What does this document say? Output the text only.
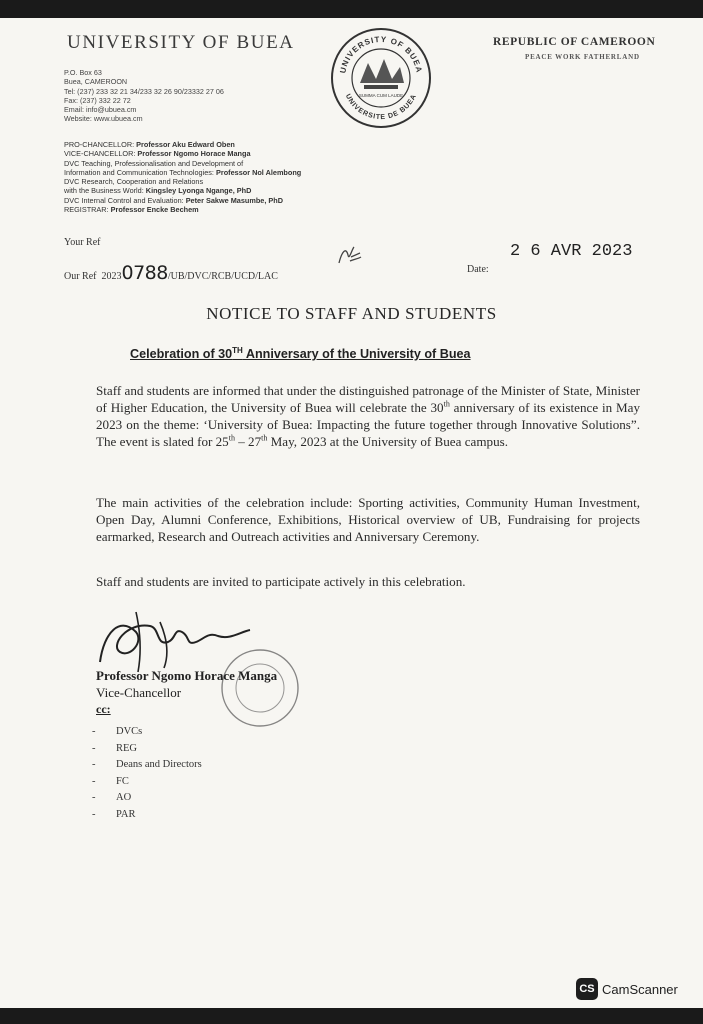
UNIVERSITY OF BUEA
P.O. Box 63
Buea, CAMEROON
Tel: (237) 233 32 21 34/233 32 26 90/23332 27 06
Fax: (237) 332 22 72
Email: info@ubuea.cm
Website: www.ubuea.cm
UNIVERSITY OF BUEA
UNIVERSITE DE BUEA
SUMMA CUM LAUDE
REPUBLIC OF CAMEROON
PEACE WORK FATHERLAND
PRO-CHANCELLOR: Professor Aku Edward Oben
VICE-CHANCELLOR: Professor Ngomo Horace Manga
DVC Teaching, Professionalisation and Development of
Information and Communication Technologies: Professor Nol Alembong
DVC Research, Cooperation and Relations
with the Business World: Kingsley Lyonga Ngange, PhD
DVC Internal Control and Evaluation: Peter Sakwe Masumbe, PhD
REGISTRAR: Professor Encke Bechem
Your Ref
Our Ref 20230788/UB/DVC/RCB/UCD/LAC
Date:
2 6 AVR 2023
NOTICE TO STAFF AND STUDENTS
Celebration of 30TH Anniversary of the University of Buea
Staff and students are informed that under the distinguished patronage of the Minister of State, Minister of Higher Education, the University of Buea will celebrate the 30th anniversary of its existence in May 2023 on the theme: ‘University of Buea: Impacting the future together through Innovative Solutions”. The event is slated for 25th – 27th May, 2023 at the University of Buea campus.
The main activities of the celebration include: Sporting activities, Community Human Investment, Open Day, Alumni Conference, Exhibitions, Historical overview of UB, Fundraising for projects earmarked, Research and Outreach activities and Anniversary Ceremony.
Staff and students are invited to participate actively in this celebration.
Professor Ngomo Horace Manga
Vice-Chancellor
cc:
-	DVCs
-	REG
-	Deans and Directors
-	FC
-	AO
-	PAR
CS CamScanner
